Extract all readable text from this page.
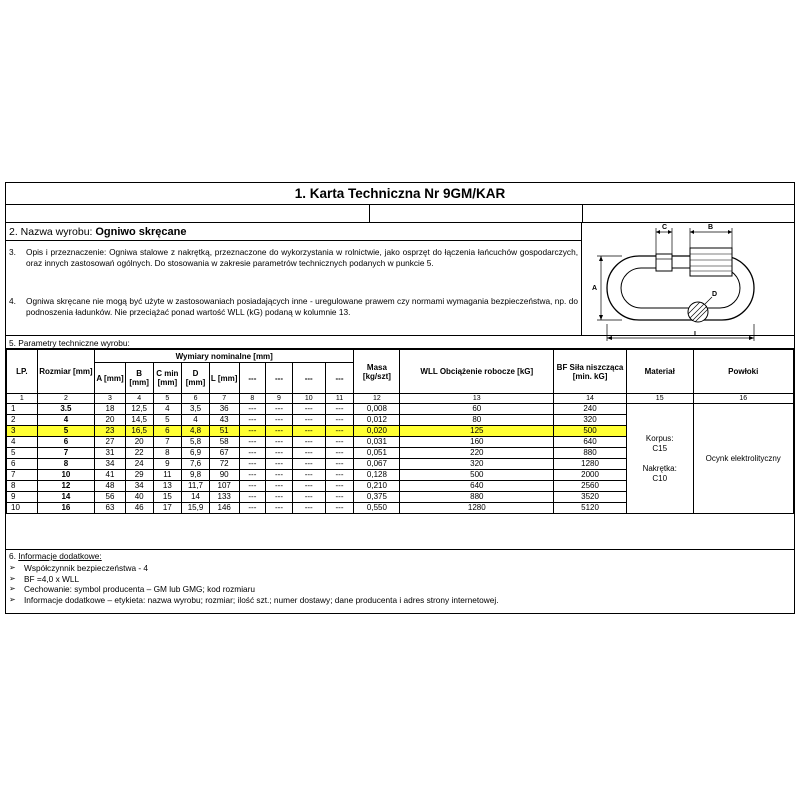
1. Karta Techniczna Nr 9GM/KAR
2. Nazwa wyrobu: Ogniwo skręcane
3. Opis i przeznaczenie: Ogniwa stalowe z nakrętką, przeznaczone do wykorzystania w rolnictwie, jako osprzęt do łączenia łańcuchów gospodarczych, oraz innych zastosowań ogólnych. Do stosowania w zakresie parametrów technicznych podanych w punkcie 5.
4. Ogniwa skręcane nie mogą być użyte w zastosowaniach posiadających inne - uregulowane prawem czy normami wymagania bezpieczeństwa, np. do podnoszenia ładunków. Nie przeciążać ponad wartość WLL (kG) podaną w kolumnie 13.
5. Parametry techniczne wyrobu:
LP.	Rozmiar [mm]	Wymiary nominalne [mm]									Masa [kg/szt]	WLL Obciążenie robocze [kG]	BF Siła niszcząca [min. kG]	Materiał	Powłoki
		A [mm]	B [mm]	C min [mm]	D [mm]	L [mm]	---	---	---	---					
1	2	3	4	5	6	7	8	9	10	11	12	13	14	15	16
1	3.5	18	12,5	4	3,5	36	---	---	---	---	0,008	60	240	Korpus:
C15
Nakrętka:
C10	Ocynk elektrolityczny
2	4	20	14,5	5	4	43	---	---	---	---	0,012	80	320		
3	5	23	16,5	6	4,8	51	---	---	---	---	0,020	125	500		
4	6	27	20	7	5,8	58	---	---	---	---	0,031	160	640		
5	7	31	22	8	6,9	67	---	---	---	---	0,051	220	880		
6	8	34	24	9	7,6	72	---	---	---	---	0,067	320	1280		
7	10	41	29	11	9,8	90	---	---	---	---	0,128	500	2000		
8	12	48	34	13	11,7	107	---	---	---	---	0,210	640	2560		
9	14	56	40	15	14	133	---	---	---	---	0,375	880	3520		
10	16	63	46	17	15,9	146	---	---	---	---	0,550	1280	5120		
6. Informacje dodatkowe:
➢ Współczynnik bezpieczeństwa - 4
➢ BF =4,0 x WLL
➢ Cechowanie: symbol producenta – GM lub GMG; kod rozmiaru
➢ Informacje dodatkowe – etykieta: nazwa wyrobu; rozmiar; ilość szt.; numer dostawy; dane producenta i adres strony internetowej.
A
B
C
D
L
